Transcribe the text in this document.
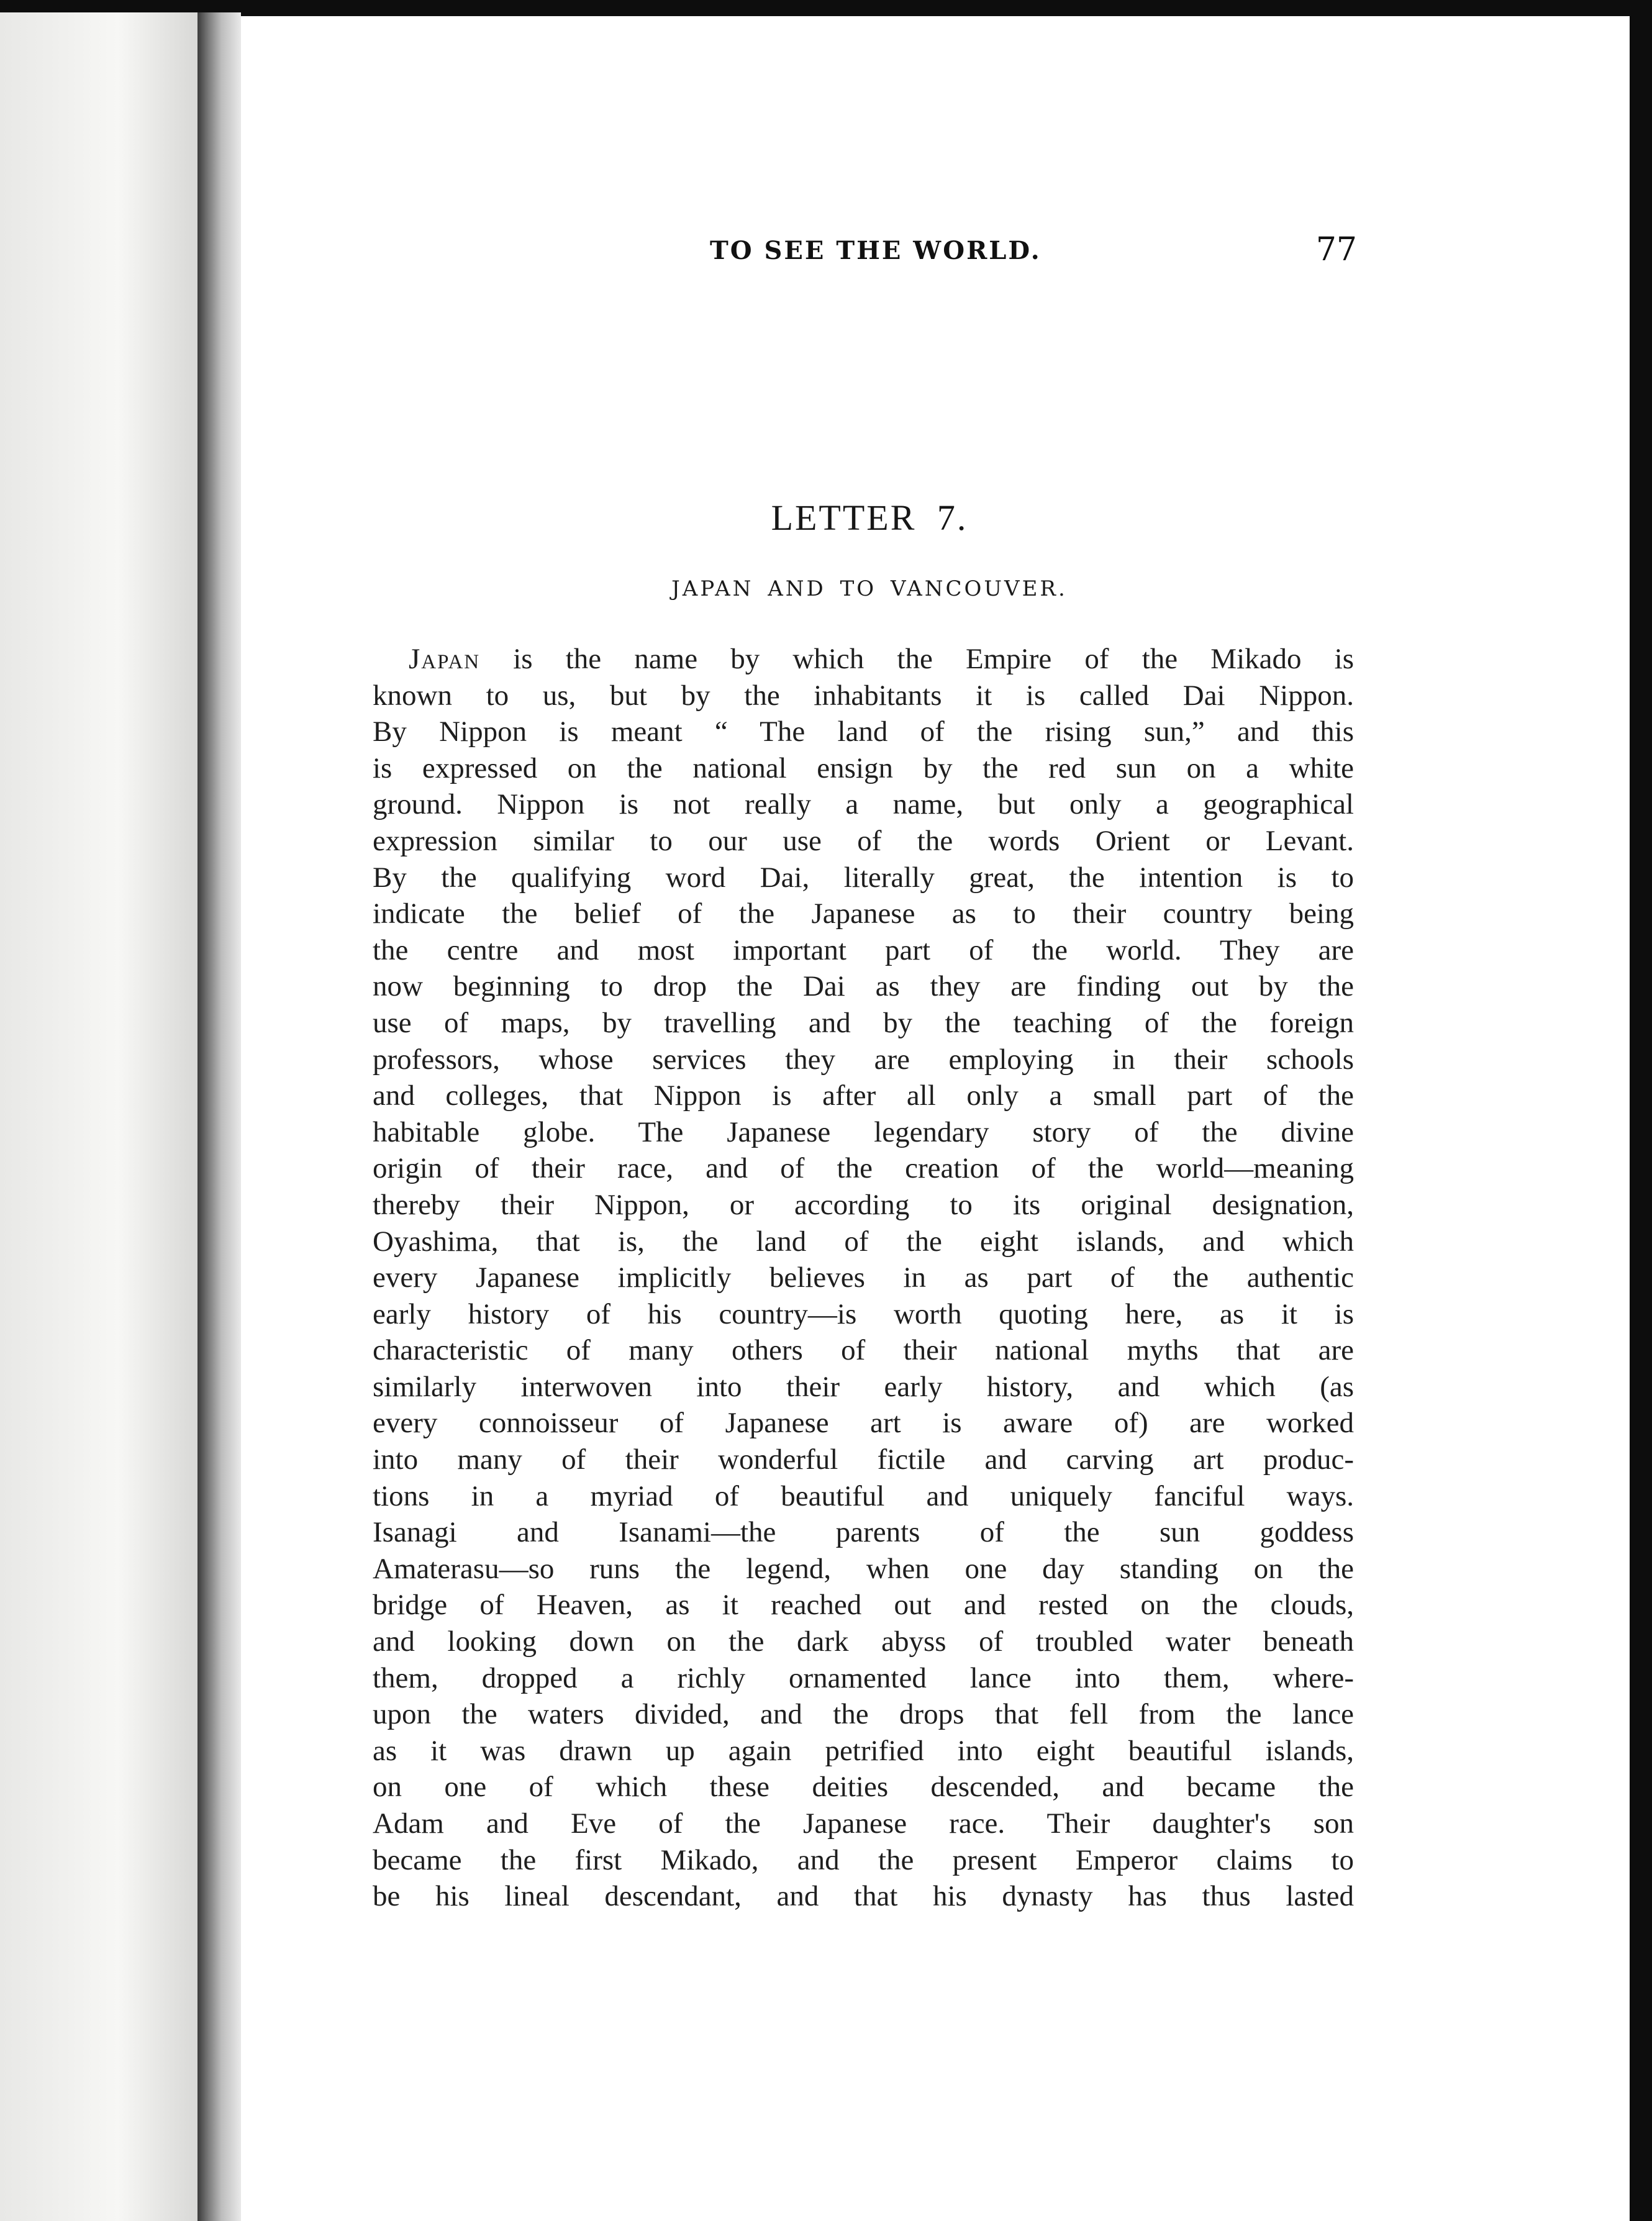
TO SEE THE WORLD.	77
LETTER 7.
JAPAN AND TO VANCOUVER.
Japan is the name by which the Empire of the Mikado is
known to us, but by the inhabitants it is called Dai Nippon.
By Nippon is meant “ The land of the rising sun,” and this
is expressed on the national ensign by the red sun on a white
ground. Nippon is not really a name, but only a geographical
expression similar to our use of the words Orient or Levant.
By the qualifying word Dai, literally great, the intention is to
indicate the belief of the Japanese as to their country being
the centre and most important part of the world. They are
now beginning to drop the Dai as they are finding out by the
use of maps, by travelling and by the teaching of the foreign
professors, whose services they are employing in their schools
and colleges, that Nippon is after all only a small part of the
habitable globe. The Japanese legendary story of the divine
origin of their race, and of the creation of the world—meaning
thereby their Nippon, or according to its original designation,
Oyashima, that is, the land of the eight islands, and which
every Japanese implicitly believes in as part of the authentic
early history of his country—is worth quoting here, as it is
characteristic of many others of their national myths that are
similarly interwoven into their early history, and which (as
every connoisseur of Japanese art is aware of) are worked
into many of their wonderful fictile and carving art produc-
tions in a myriad of beautiful and uniquely fanciful ways.
Isanagi and Isanami—the parents of the sun goddess
Amaterasu—so runs the legend, when one day standing on the
bridge of Heaven, as it reached out and rested on the clouds,
and looking down on the dark abyss of troubled water beneath
them, dropped a richly ornamented lance into them, where-
upon the waters divided, and the drops that fell from the lance
as it was drawn up again petrified into eight beautiful islands,
on one of which these deities descended, and became the
Adam and Eve of the Japanese race. Their daughter's son
became the first Mikado, and the present Emperor claims to
be his lineal descendant, and that his dynasty has thus lasted
